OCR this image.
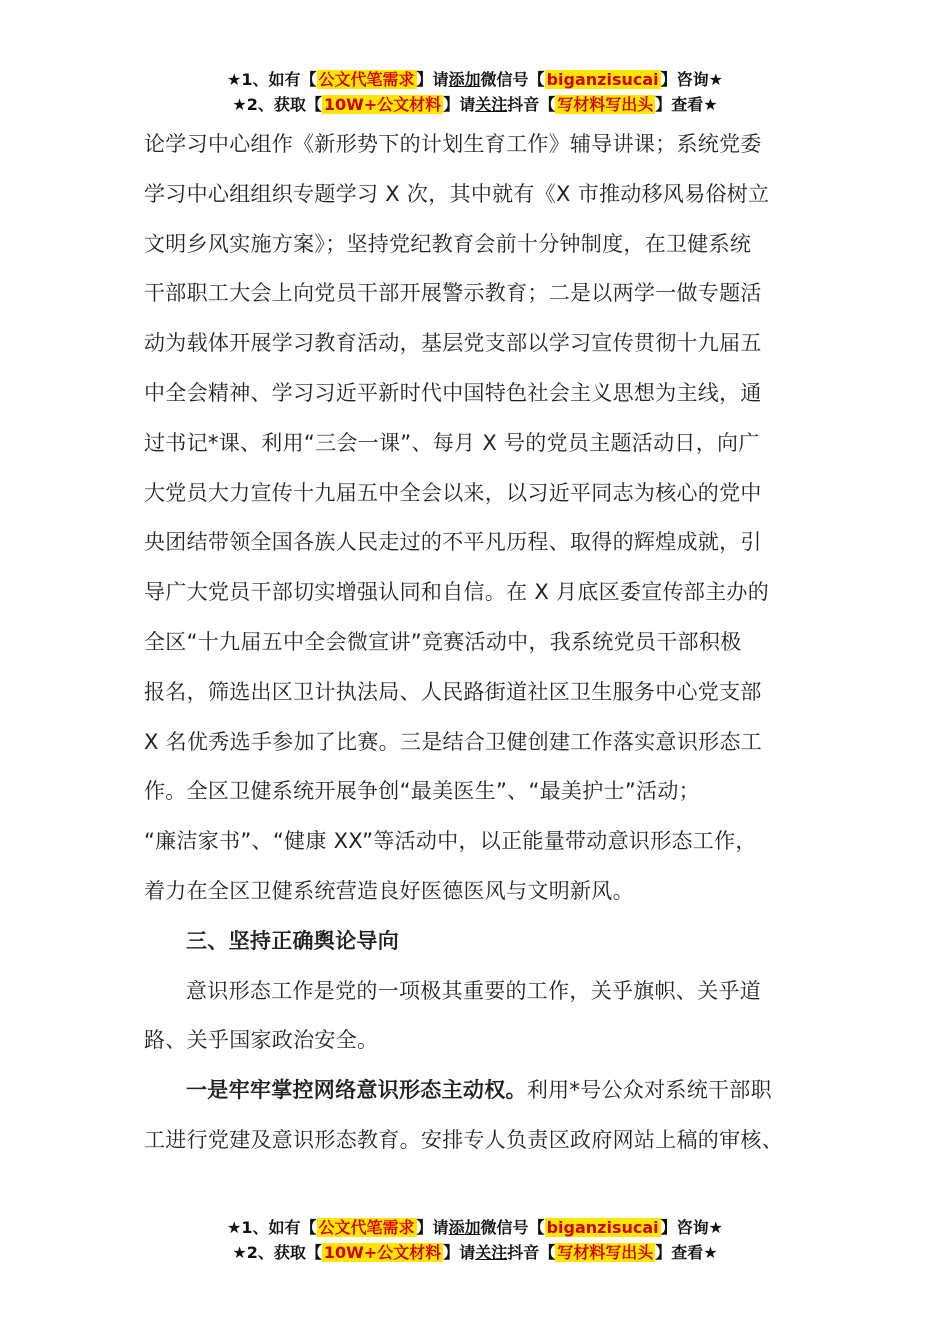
★1、如有【 公文代笔需求 】请添加微信号【 biganzisucai 】咨询★
★2、获取【 10W+公文材料 】请关注抖音【 写材料写出头 】查看★

论学习中心组作《新形势下的计划生育工作》辅导讲课；系统党委
学习中心组组织专题学习 X 次，其中就有《X 市推动移风易俗树立
文明乡风实施方案》；坚持党纪教育会前十分钟制度，在卫健系统
干部职工大会上向党员干部开展警示教育；二是以两学一做专题活
动为载体开展学习教育活动，基层党支部以学习宣传贯彻十九届五
中全会精神、学习习近平新时代中国特色社会主义思想为主线，通
过书记*课、利用“三会一课”、每月 X 号的党员主题活动日，向广
大党员大力宣传十九届五中全会以来，以习近平同志为核心的党中
央团结带领全国各族人民走过的不平凡历程、取得的辉煌成就，引
导广大党员干部切实增强认同和自信。在 X 月底区委宣传部主办的
全区“十九届五中全会微宣讲”竞赛活动中，我系统党员干部积极
报名，筛选出区卫计执法局、人民路街道社区卫生服务中心党支部
X 名优秀选手参加了比赛。三是结合卫健创建工作落实意识形态工
作。全区卫健系统开展争创“最美医生”、“最美护士”活动；
“廉洁家书”、“健康 XX”等活动中，以正能量带动意识形态工作，
着力在全区卫健系统营造良好医德医风与文明新风。

三、坚持正确舆论导向

意识形态工作是党的一项极其重要的工作，关乎旗帜、关乎道
路、关乎国家政治安全。

一是牢牢掌控网络意识形态主动权。利用*号公众对系统干部职
工进行党建及意识形态教育。安排专人负责区政府网站上稿的审核、

★1、如有【 公文代笔需求 】请添加微信号【 biganzisucai 】咨询★
★2、获取【 10W+公文材料 】请关注抖音【 写材料写出头 】查看★
